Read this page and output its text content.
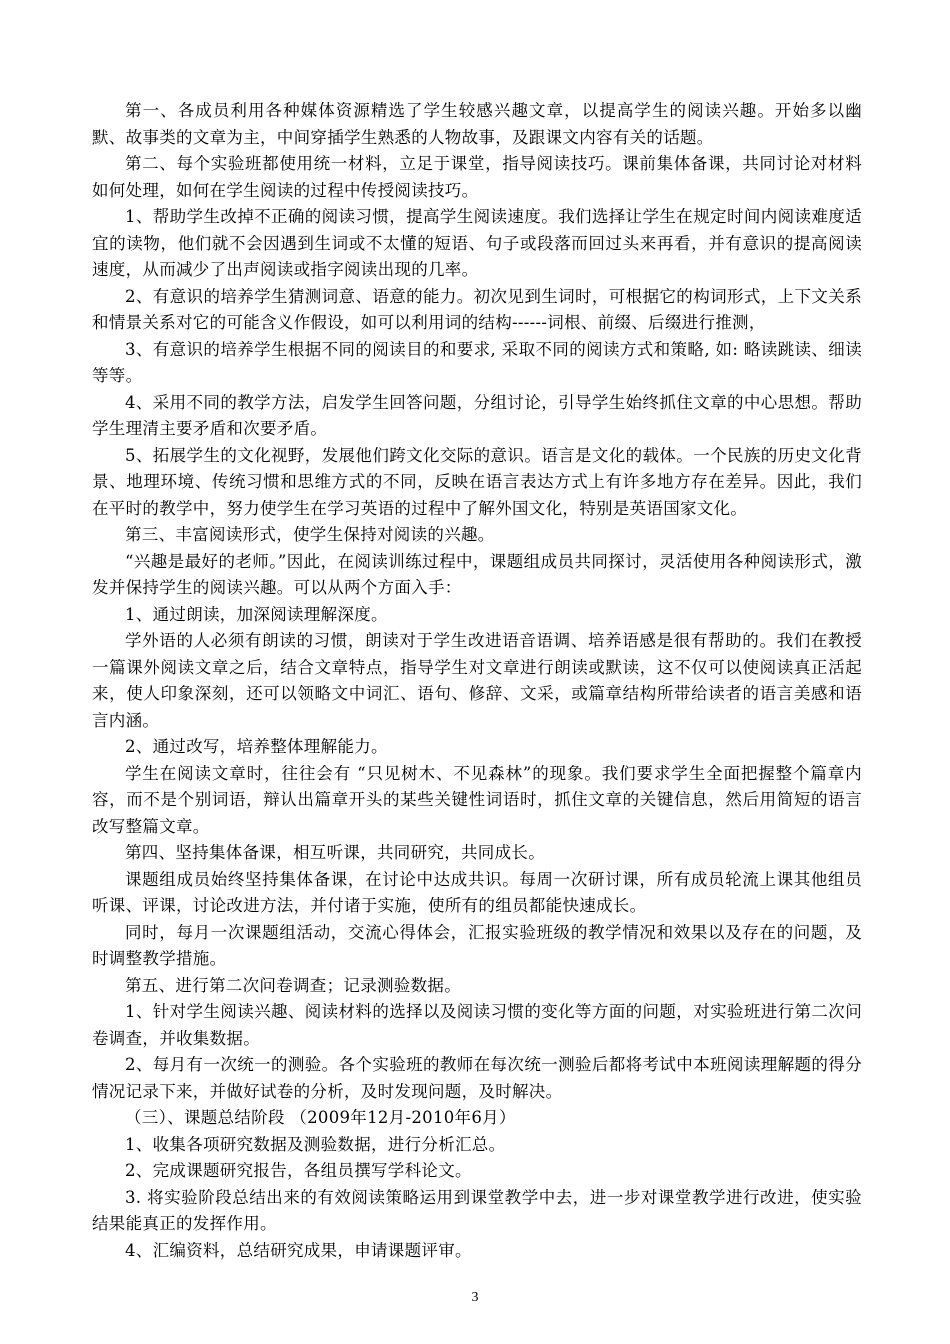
第一、各成员利用各种媒体资源精选了学生较感兴趣文章，以提高学生的阅读兴趣。开始多以幽默、故事类的文章为主，中间穿插学生熟悉的人物故事，及跟课文内容有关的话题。

第二、每个实验班都使用统一材料，立足于课堂，指导阅读技巧。课前集体备课，共同讨论对材料如何处理，如何在学生阅读的过程中传授阅读技巧。

1、帮助学生改掉不正确的阅读习惯，提高学生阅读速度。我们选择让学生在规定时间内阅读难度适宜的读物，他们就不会因遇到生词或不太懂的短语、句子或段落而回过头来再看，并有意识的提高阅读速度，从而减少了出声阅读或指字阅读出现的几率。

2、有意识的培养学生猜测词意、语意的能力。初次见到生词时，可根据它的构词形式，上下文关系和情景关系对它的可能含义作假设，如可以利用词的结构------词根、前缀、后缀进行推测，

3、有意识的培养学生根据不同的阅读目的和要求, 采取不同的阅读方式和策略, 如: 略读跳读、细读等等。

4、采用不同的教学方法，启发学生回答问题，分组讨论，引导学生始终抓住文章的中心思想。帮助学生理清主要矛盾和次要矛盾。

5、拓展学生的文化视野，发展他们跨文化交际的意识。语言是文化的载体。一个民族的历史文化背景、地理环境、传统习惯和思维方式的不同，反映在语言表达方式上有许多地方存在差异。因此，我们在平时的教学中，努力使学生在学习英语的过程中了解外国文化，特别是英语国家文化。

第三、丰富阅读形式，使学生保持对阅读的兴趣。

“兴趣是最好的老师。”因此，在阅读训练过程中，课题组成员共同探讨，灵活使用各种阅读形式，激发并保持学生的阅读兴趣。可以从两个方面入手：

1、通过朗读，加深阅读理解深度。

学外语的人必须有朗读的习惯，朗读对于学生改进语音语调、培养语感是很有帮助的。我们在教授一篇课外阅读文章之后，结合文章特点，指导学生对文章进行朗读或默读，这不仅可以使阅读真正活起来，使人印象深刻，还可以领略文中词汇、语句、修辞、文采，或篇章结构所带给读者的语言美感和语言内涵。

2、通过改写，培养整体理解能力。

学生在阅读文章时，往往会有 “只见树木、不见森林”的现象。我们要求学生全面把握整个篇章内容，而不是个别词语，辩认出篇章开头的某些关键性词语时，抓住文章的关键信息，然后用简短的语言改写整篇文章。

第四、坚持集体备课，相互听课，共同研究，共同成长。

课题组成员始终坚持集体备课，在讨论中达成共识。每周一次研讨课，所有成员轮流上课其他组员听课、评课，讨论改进方法，并付诸于实施，使所有的组员都能快速成长。

同时，每月一次课题组活动，交流心得体会，汇报实验班级的教学情况和效果以及存在的问题，及时调整教学措施。

第五、进行第二次问卷调查；记录测验数据。

1、针对学生阅读兴趣、阅读材料的选择以及阅读习惯的变化等方面的问题，对实验班进行第二次问卷调查，并收集数据。

2、每月有一次统一的测验。各个实验班的教师在每次统一测验后都将考试中本班阅读理解题的得分情况记录下来，并做好试卷的分析，及时发现问题，及时解决。

（三）、课题总结阶段 （2009年12月-2010年6月）

1、收集各项研究数据及测验数据，进行分析汇总。

2、完成课题研究报告，各组员撰写学科论文。

3. 将实验阶段总结出来的有效阅读策略运用到课堂教学中去，进一步对课堂教学进行改进，使实验结果能真正的发挥作用。

4、汇编资料，总结研究成果，申请课题评审。

3
